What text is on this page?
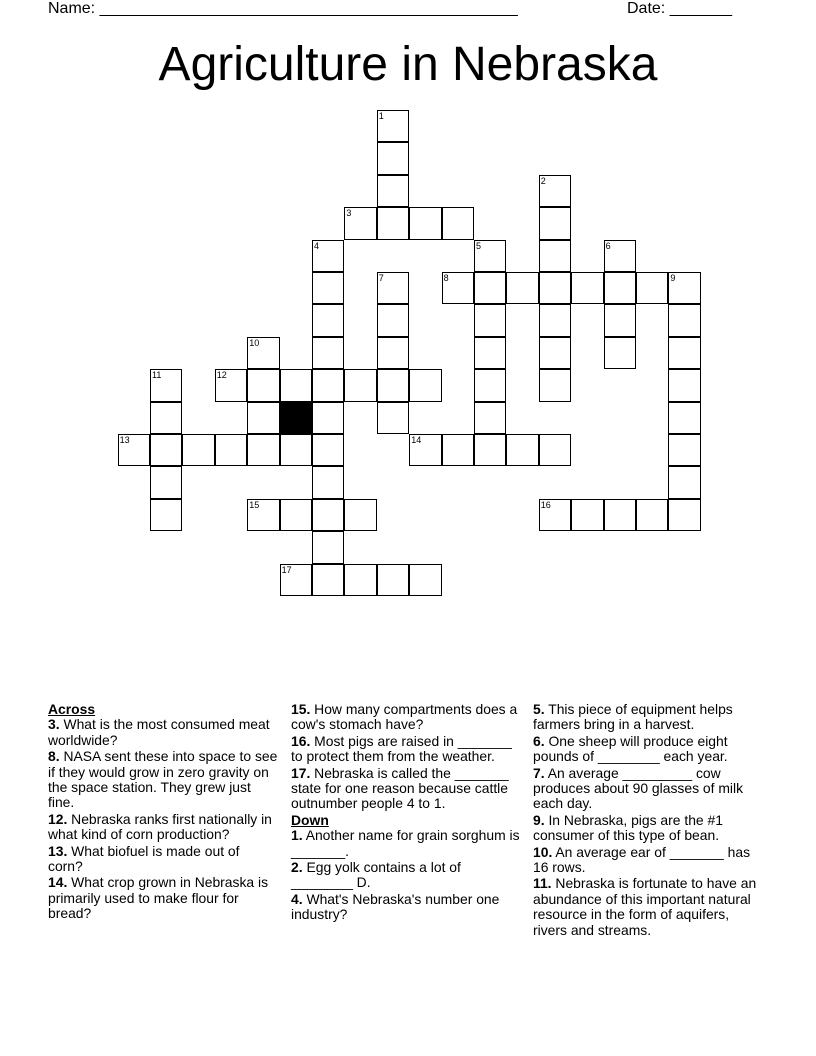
Name: _______________________________________________	Date: _______
Agriculture in Nebraska
1
2
3
4	5	6
7	8	9
10
11	12
13	14
15	16
17
Across
3. What is the most consumed meat worldwide?
8. NASA sent these into space to see if they would grow in zero gravity on the space station. They grew just fine.
12. Nebraska ranks first nationally in what kind of corn production?
13. What biofuel is made out of corn?
14. What crop grown in Nebraska is primarily used to make flour for bread?
15. How many compartments does a cow's stomach have?
16. Most pigs are raised in _______ to protect them from the weather.
17. Nebraska is called the _______ state for one reason because cattle outnumber people 4 to 1.
Down
1. Another name for grain sorghum is _______.
2. Egg yolk contains a lot of ________ D.
4. What's Nebraska's number one industry?
5. This piece of equipment helps farmers bring in a harvest.
6. One sheep will produce eight pounds of ________ each year.
7. An average _________ cow produces about 90 glasses of milk each day.
9. In Nebraska, pigs are the #1 consumer of this type of bean.
10. An average ear of _______ has 16 rows.
11. Nebraska is fortunate to have an abundance of this important natural resource in the form of aquifers, rivers and streams.
